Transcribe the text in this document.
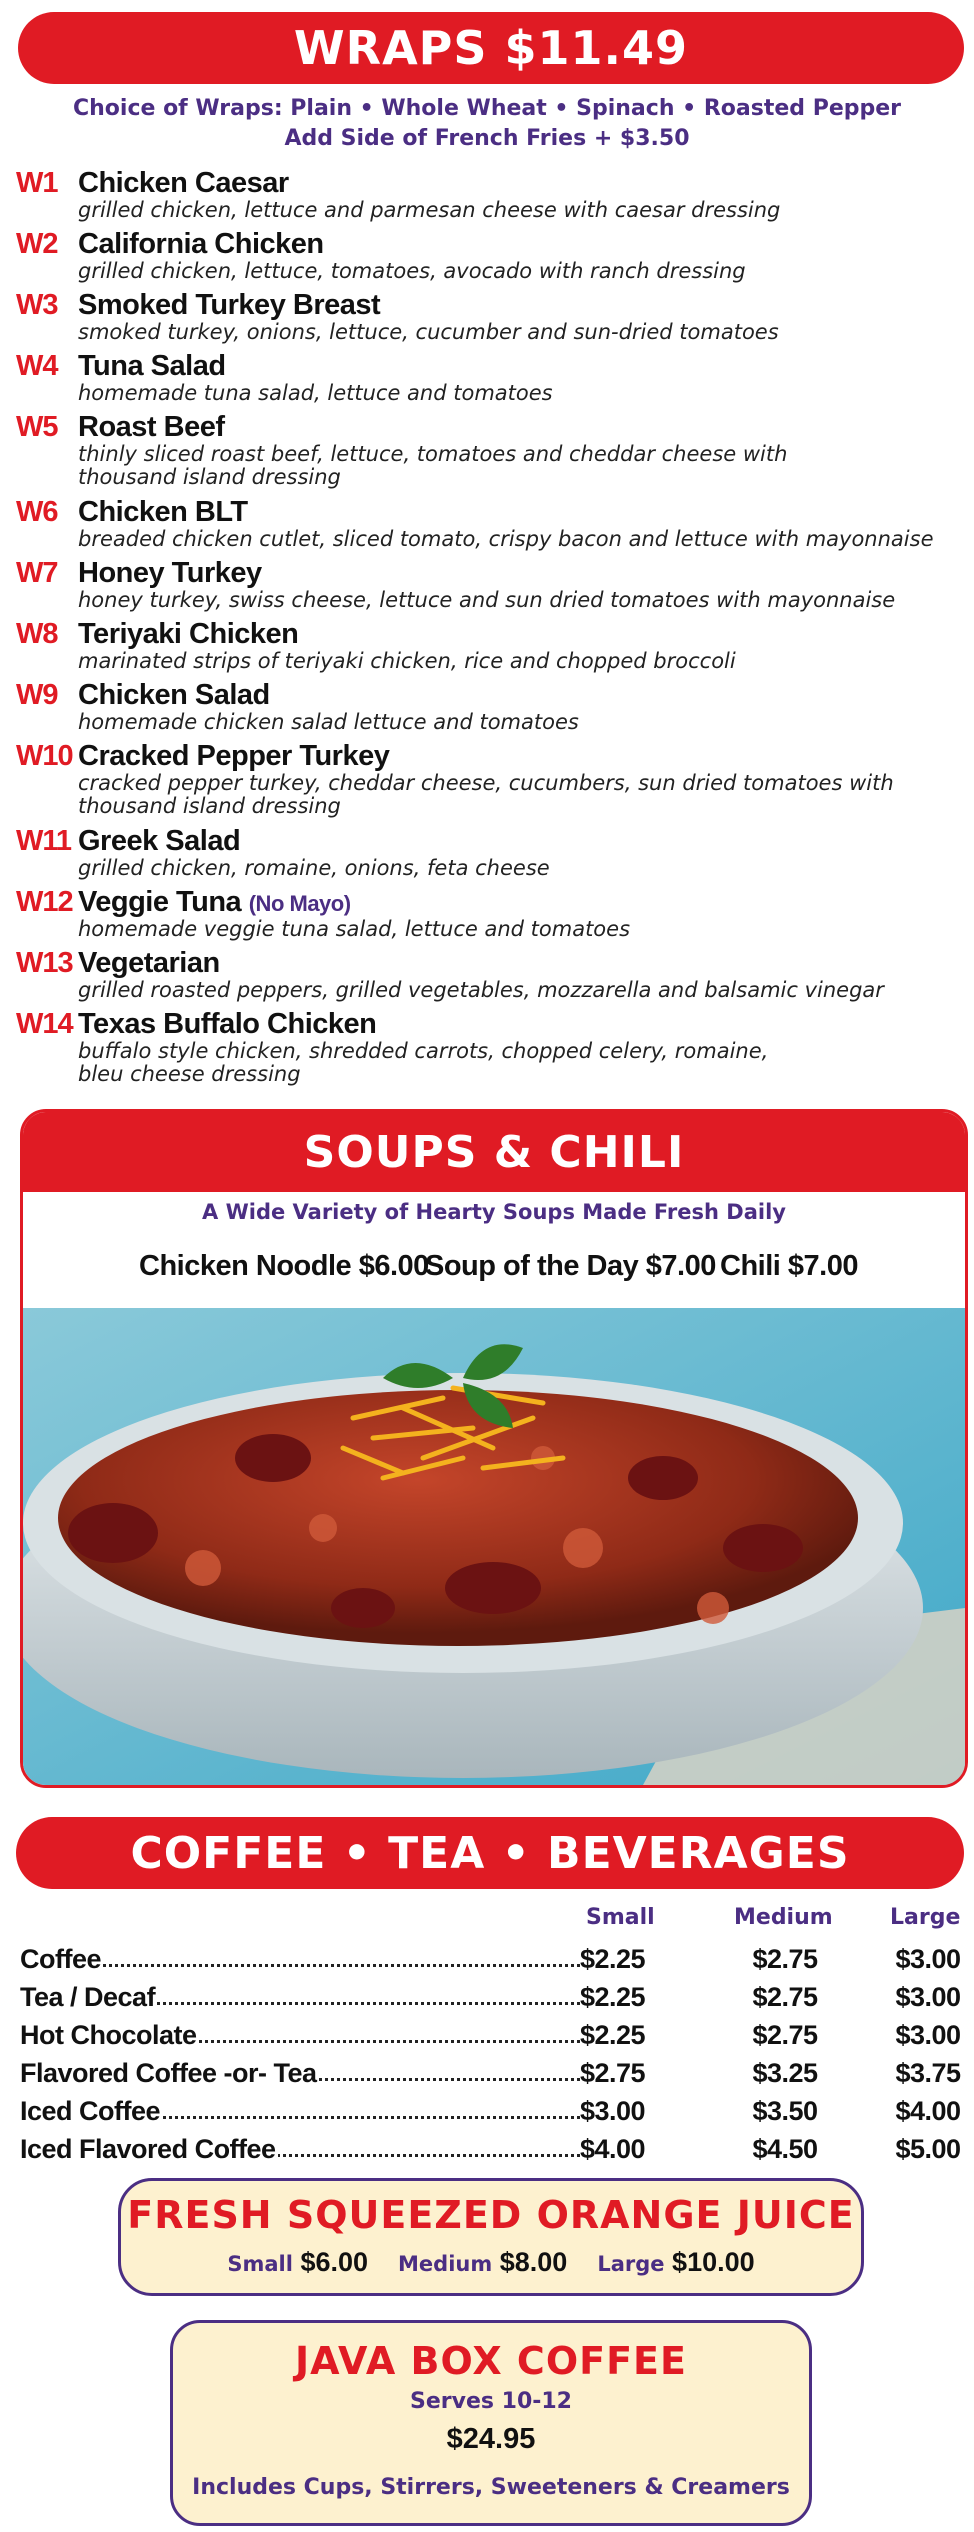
WRAPS $11.49
Choice of Wraps: Plain • Whole Wheat • Spinach • Roasted Pepper
Add Side of French Fries + $3.50
W1 Chicken Caesar
grilled chicken, lettuce and parmesan cheese with caesar dressing
W2 California Chicken
grilled chicken, lettuce, tomatoes, avocado with ranch dressing
W3 Smoked Turkey Breast
smoked turkey, onions, lettuce, cucumber and sun-dried tomatoes
W4 Tuna Salad
homemade tuna salad, lettuce and tomatoes
W5 Roast Beef
thinly sliced roast beef, lettuce, tomatoes and cheddar cheese with thousand island dressing
W6 Chicken BLT
breaded chicken cutlet, sliced tomato, crispy bacon and lettuce with mayonnaise
W7 Honey Turkey
honey turkey, swiss cheese, lettuce and sun dried tomatoes with mayonnaise
W8 Teriyaki Chicken
marinated strips of teriyaki chicken, rice and chopped broccoli
W9 Chicken Salad
homemade chicken salad lettuce and tomatoes
W10 Cracked Pepper Turkey
cracked pepper turkey, cheddar cheese, cucumbers, sun dried tomatoes with thousand island dressing
W11 Greek Salad
grilled chicken, romaine, onions, feta cheese
W12 Veggie Tuna (No Mayo)
homemade veggie tuna salad, lettuce and tomatoes
W13 Vegetarian
grilled roasted peppers, grilled vegetables, mozzarella and balsamic vinegar
W14 Texas Buffalo Chicken
buffalo style chicken, shredded carrots, chopped celery, romaine, bleu cheese dressing
SOUPS & CHILI
A Wide Variety of Hearty Soups Made Fresh Daily
Chicken Noodle $6.00
Soup of the Day $7.00 Chili $7.00
COFFEE • TEA • BEVERAGES
Small	Medium	Large
Coffee	$2.25	$2.75	$3.00
Tea / Decaf	$2.25	$2.75	$3.00
Hot Chocolate	$2.25	$2.75	$3.00
Flavored Coffee -or- Tea	$2.75	$3.25	$3.75
Iced Coffee	$3.00	$3.50	$4.00
Iced Flavored Coffee	$4.00	$4.50	$5.00
FRESH SQUEEZED ORANGE JUICE
Small $6.00 Medium $8.00 Large $10.00
JAVA BOX COFFEE
Serves 10-12
$24.95
Includes Cups, Stirrers, Sweeteners & Creamers
